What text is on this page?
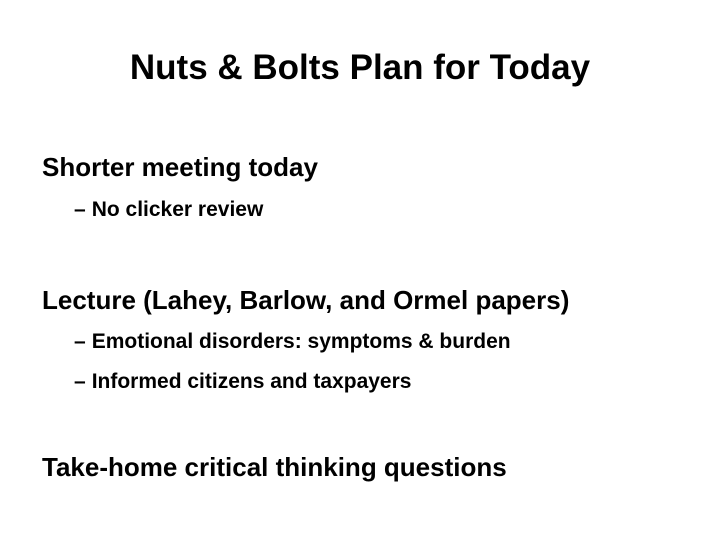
Nuts & Bolts Plan for Today
Shorter meeting today
– No clicker review
Lecture (Lahey, Barlow, and Ormel papers)
– Emotional disorders: symptoms & burden
– Informed citizens and taxpayers
Take-home critical thinking questions
